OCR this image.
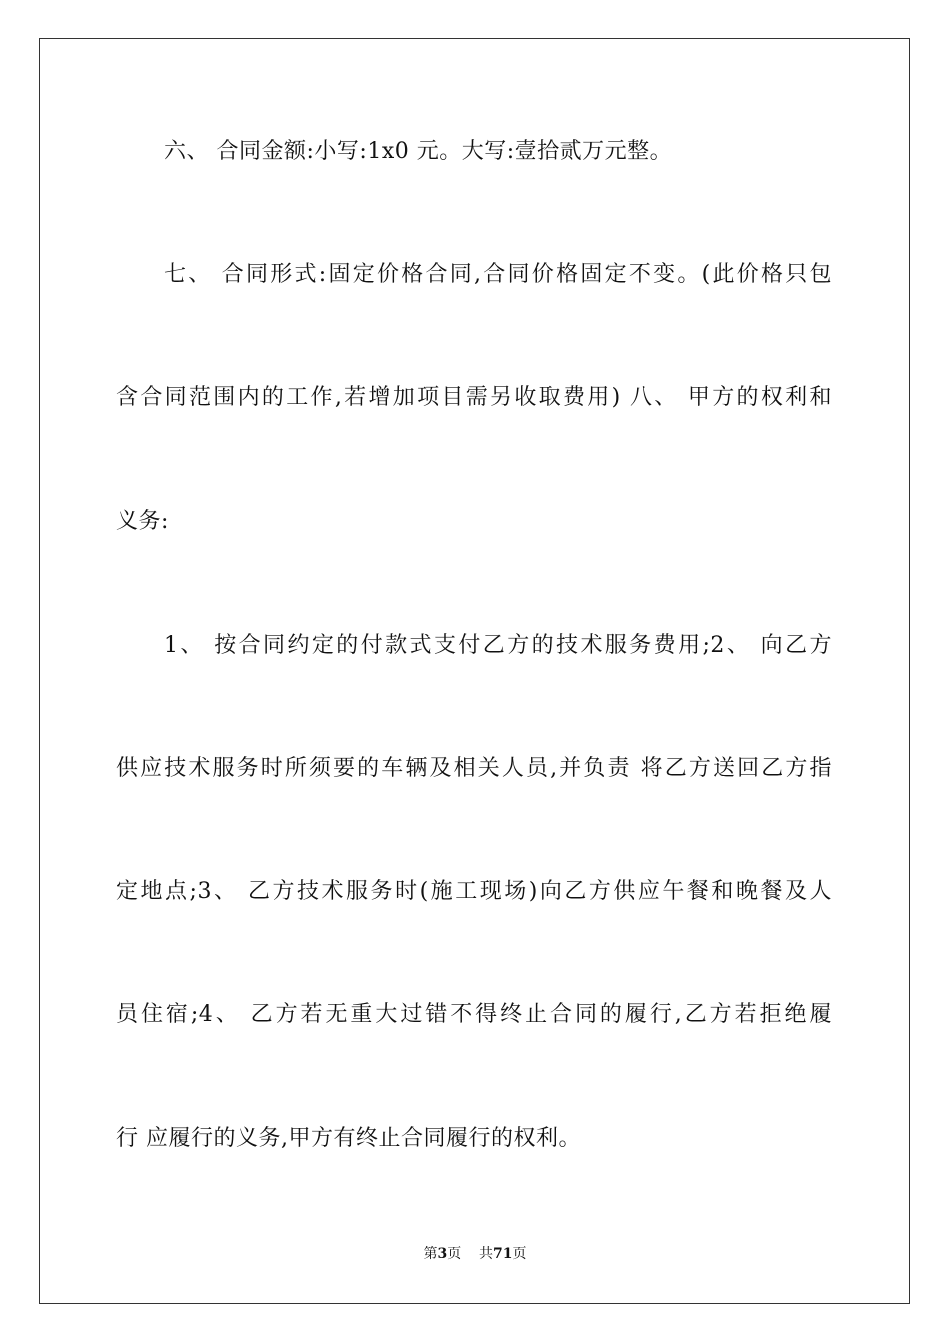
六、 合同金额:小写:1x0 元。大写:壹拾贰万元整。
七、 合同形式:固定价格合同,合同价格固定不变。(此价格只包
含合同范围内的工作,若增加项目需另收取费用) 八、 甲方的权利和
义务:
1、 按合同约定的付款式支付乙方的技术服务费用;2、 向乙方
供应技术服务时所须要的车辆及相关人员,并负责 将乙方送回乙方指
定地点;3、 乙方技术服务时(施工现场)向乙方供应午餐和晚餐及人
员住宿;4、 乙方若无重大过错不得终止合同的履行,乙方若拒绝履
行 应履行的义务,甲方有终止合同履行的权利。
第3页 共71页
